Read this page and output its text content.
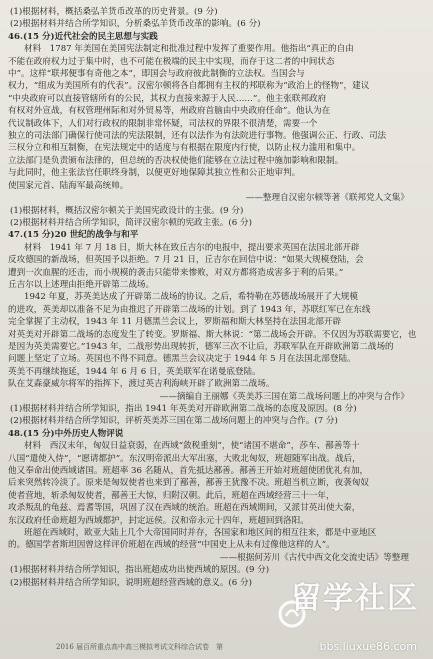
(1)根据材料，概括桑弘羊货币改革的历史背景。(9 分)
(2)根据材料并结合所学知识，分析桑弘羊货币改革的影响。(6 分)
46.(15 分)近代社会的民主思想与实践
材料　1787 年美国在美国宪法制定和批准过程中发挥了重要作用。他指出“真正的自由
不能在政府权力过于集中时，也不可能在极端的民主中实现，而存于这二者的中间状态
中”。这样“联邦便事有奇他之本”，即国会与政府彼此制衡的立法权。当国会与
权力，“组成为美国所有的代表”。汉密尔顿将各自都拥有主权的邦联称为“政治上的怪物”，建议
“中央政府可以直接管辖所有的公民，其权力直接来源于人民……”。他主张联邦政府
有权对外宣战，有权管理州际和对外贸易等，州政府首脑由中央政府任命”。他认为在
代议制政体下，人们对行政权的限制非常怀疑，司法权的界限不很清楚，需要一个
独立的司法部门确保行使司法的宪法限制，还有以法作为有法院进行事物。他强调公正、行政、司法
三权分立和相互制衡，在宪法规定中的适度与有根据在限度内行使，以防止权力滥用和集中。
立法部门是负责颁布法律的，但总统的否决权使他们能够在立法过程中施加影响和限制。
与此同时，他主张法官任职终身制，以便更好地保障其独立性和公正地审判。
使国家元首、陆海军最高统帅。
——整理自汉密尔顿等著《联邦党人文集》
(1)根据材料，概括汉密尔顿关于美国宪政设计的主张。(9 分)
(2)根据材料并结合所学知识，简评汉密尔顿的宪政主张。(6 分)
47.(15 分)20 世纪的战争与和平
材料　1941 年 7 月 18 日，斯大林在致丘吉尔的电报中，提出要求英国在法国北部开辟
反攻德国的新战场，但英国予以拒绝。7 月 21 日，丘吉尔在回信中说：“如果大规模登陆，会
遭到一次血腥的还击，而小规模的袭击只能带来惨败，对双方都将造成害多于利的后果。”
丘吉尔以上述理由拒绝开辟第二战场。
1942 年夏，苏英美达成了开辟第二战场的协议。之后，希特勒在苏德战场展开了大规模
的进攻，英美却以准备不足为由推迟了开辟第二战场的计划。到了 1943 年，苏联红军已在东线
完全掌握了主动权，1943 年 11 月德黑兰会议上，罗斯福和斯大林坚持在法国北部开辟
对英美对开辟第二战场的态度发生了转变。罗斯福、斯大林说：“第二战场会开辟。不仅因为苏联需要它，也
是因为英美需要它。”1943 年，二战形势出现转折，德军三次不让后，苏联军队在开辟欧洲第二战场的
问题上坚定了立场。英国也不得不同意。德黑兰会议决定于 1944 年 5 月在法国北部登陆。
英美不再继续拖延，1944 年 6 月 6 日，英美联军在诺曼底登陆。
队在艾森豪威尔将军的指挥下，渡过英吉利海峡开辟了欧洲第二战场。
——摘编自王丽娜《英美苏三国在第二战场问题上的冲突与合作》
(1)根据材料并结合所学知识，指出 1941 年英美对开辟欧洲第二战场的态度及原因。(8 分)
(2)根据材料并结合所学知识，评析英美苏三国在第二战场问题上的冲突与合作。(7 分)
48.(15 分)中外历史人物评说
材料　西汉末年，匈奴日益衰弱，在西域“敛税重刻”，使“诸国不堪命”，莎车、鄯善等十
八国“遣使入侍”，“愿请都护”。东汉明帝派出大军出塞，大败北匈奴，班超随军出战。战后，
他又奉命出使西域诸国。班超率 36 名随从，首先抵达鄯善。鄯善王开始对班超使团优礼有加，
后来突然转冷淡了。原来是匈奴使者也来到了鄯善，鄯善王犹豫不决。班超当机立断，夜袭匈奴
使者营地，斩杀匈奴使者，鄯善王大惊，归附汉朝。此后，班超在西域经营三十一年，
攻杀叛乱的龟兹、焉耆等国，巩固了汉在西域的统治。班超在西域期间，又派甘英出使大秦，
东汉政府任命班超为西域都护，封定远侯。汉和帝永元十四年，班超回到洛阳。
班超在西域时，欧亚大陆上几个大帝国同时并存，各国家和地区间的相互往来，都是中亚地区
的。德国学者斯坦因曾这样评价班超在西域的经营“中国史上从未有过像他这样的人”。
——根据何芳川《古代中西文化交流史话》等整理
(1)根据材料并结合所学知识，指出班超成功出使西域的原因。(9 分)
(2)根据材料并结合所学知识，说明班超经营西域的意义。(6 分)
2016 届百所重点高中高三模拟考试文科综合试卷　第
留学社区
bbs.liuxue86.com
